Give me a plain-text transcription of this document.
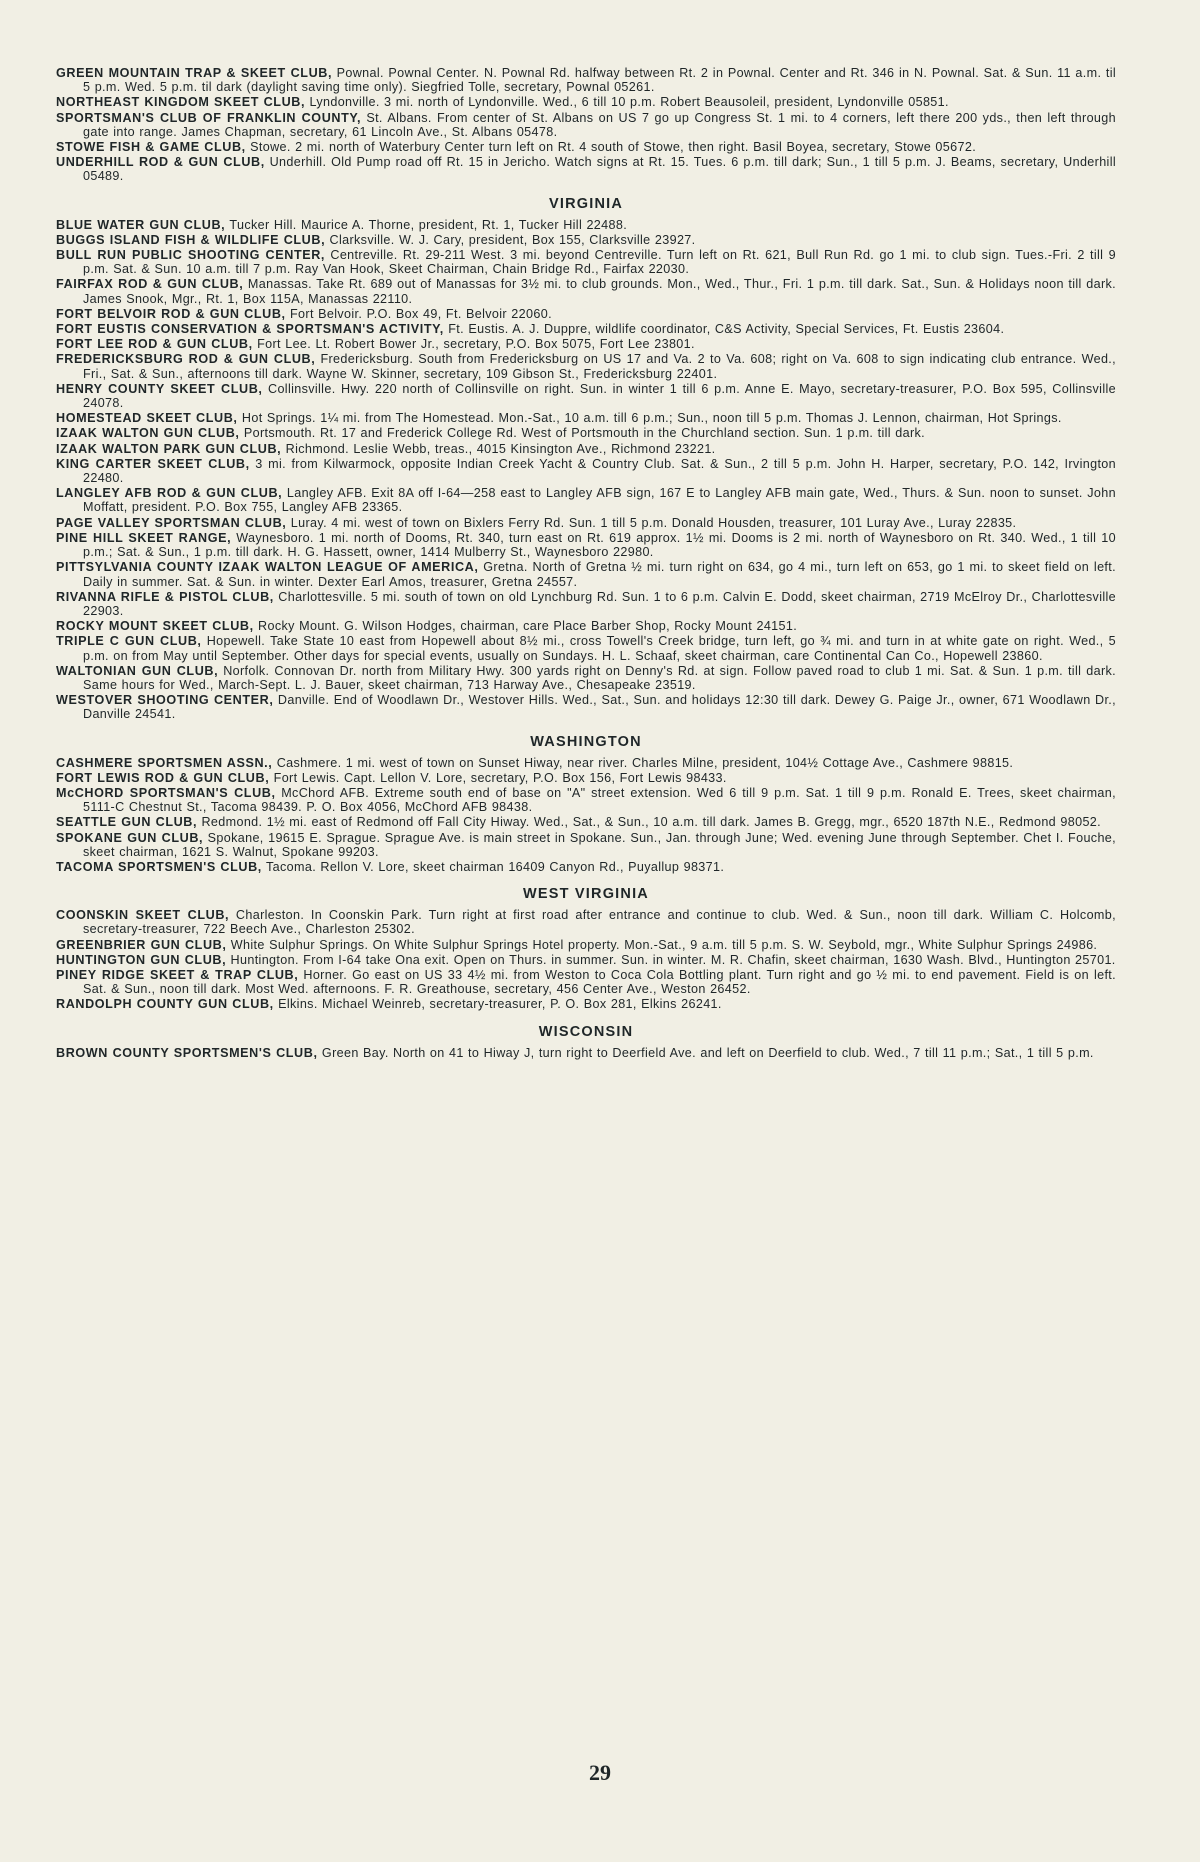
GREEN MOUNTAIN TRAP & SKEET CLUB, Pownal. Pownal Center. N. Pownal Rd. halfway between Rt. 2 in Pownal. Center and Rt. 346 in N. Pownal. Sat. & Sun. 11 a.m. til 5 p.m. Wed. 5 p.m. til dark (daylight saving time only). Siegfried Tolle, secretary, Pownal 05261.
NORTHEAST KINGDOM SKEET CLUB, Lyndonville. 3 mi. north of Lyndonville. Wed., 6 till 10 p.m. Robert Beausoleil, president, Lyndonville 05851.
SPORTSMAN'S CLUB OF FRANKLIN COUNTY, St. Albans. From center of St. Albans on US 7 go up Congress St. 1 mi. to 4 corners, left there 200 yds., then left through gate into range. James Chapman, secretary, 61 Lincoln Ave., St. Albans 05478.
STOWE FISH & GAME CLUB, Stowe. 2 mi. north of Waterbury Center turn left on Rt. 4 south of Stowe, then right. Basil Boyea, secretary, Stowe 05672.
UNDERHILL ROD & GUN CLUB, Underhill. Old Pump road off Rt. 15 in Jericho. Watch signs at Rt. 15. Tues. 6 p.m. till dark; Sun., 1 till 5 p.m. J. Beams, secretary, Underhill 05489.
VIRGINIA
BLUE WATER GUN CLUB, Tucker Hill. Maurice A. Thorne, president, Rt. 1, Tucker Hill 22488.
BUGGS ISLAND FISH & WILDLIFE CLUB, Clarksville. W. J. Cary, president, Box 155, Clarksville 23927.
BULL RUN PUBLIC SHOOTING CENTER, Centreville. Rt. 29-211 West. 3 mi. beyond Centreville. Turn left on Rt. 621, Bull Run Rd. go 1 mi. to club sign. Tues.-Fri. 2 till 9 p.m. Sat. & Sun. 10 a.m. till 7 p.m. Ray Van Hook, Skeet Chairman, Chain Bridge Rd., Fairfax 22030.
FAIRFAX ROD & GUN CLUB, Manassas. Take Rt. 689 out of Manassas for 3½ mi. to club grounds. Mon., Wed., Thur., Fri. 1 p.m. till dark. Sat., Sun. & Holidays noon till dark. James Snook, Mgr., Rt. 1, Box 115A, Manassas 22110.
FORT BELVOIR ROD & GUN CLUB, Fort Belvoir. P.O. Box 49, Ft. Belvoir 22060.
FORT EUSTIS CONSERVATION & SPORTSMAN'S ACTIVITY, Ft. Eustis. A. J. Duppre, wildlife coordinator, C&S Activity, Special Services, Ft. Eustis 23604.
FORT LEE ROD & GUN CLUB, Fort Lee. Lt. Robert Bower Jr., secretary, P.O. Box 5075, Fort Lee 23801.
FREDERICKSBURG ROD & GUN CLUB, Fredericksburg. South from Fredericksburg on US 17 and Va. 2 to Va. 608; right on Va. 608 to sign indicating club entrance. Wed., Fri., Sat. & Sun., afternoons till dark. Wayne W. Skinner, secretary, 109 Gibson St., Fredericksburg 22401.
HENRY COUNTY SKEET CLUB, Collinsville. Hwy. 220 north of Collinsville on right. Sun. in winter 1 till 6 p.m. Anne E. Mayo, secretary-treasurer, P.O. Box 595, Collinsville 24078.
HOMESTEAD SKEET CLUB, Hot Springs. 1¼ mi. from The Homestead. Mon.-Sat., 10 a.m. till 6 p.m.; Sun., noon till 5 p.m. Thomas J. Lennon, chairman, Hot Springs.
IZAAK WALTON GUN CLUB, Portsmouth. Rt. 17 and Frederick College Rd. West of Portsmouth in the Churchland section. Sun. 1 p.m. till dark.
IZAAK WALTON PARK GUN CLUB, Richmond. Leslie Webb, treas., 4015 Kinsington Ave., Richmond 23221.
KING CARTER SKEET CLUB, 3 mi. from Kilwarmock, opposite Indian Creek Yacht & Country Club. Sat. & Sun., 2 till 5 p.m. John H. Harper, secretary, P.O. 142, Irvington 22480.
LANGLEY AFB ROD & GUN CLUB, Langley AFB. Exit 8A off I-64—258 east to Langley AFB sign, 167 E to Langley AFB main gate, Wed., Thurs. & Sun. noon to sunset. John Moffatt, president. P.O. Box 755, Langley AFB 23365.
PAGE VALLEY SPORTSMAN CLUB, Luray. 4 mi. west of town on Bixlers Ferry Rd. Sun. 1 till 5 p.m. Donald Housden, treasurer, 101 Luray Ave., Luray 22835.
PINE HILL SKEET RANGE, Waynesboro. 1 mi. north of Dooms, Rt. 340, turn east on Rt. 619 approx. 1½ mi. Dooms is 2 mi. north of Waynesboro on Rt. 340. Wed., 1 till 10 p.m.; Sat. & Sun., 1 p.m. till dark. H. G. Hassett, owner, 1414 Mulberry St., Waynesboro 22980.
PITTSYLVANIA COUNTY IZAAK WALTON LEAGUE OF AMERICA, Gretna. North of Gretna ½ mi. turn right on 634, go 4 mi., turn left on 653, go 1 mi. to skeet field on left. Daily in summer. Sat. & Sun. in winter. Dexter Earl Amos, treasurer, Gretna 24557.
RIVANNA RIFLE & PISTOL CLUB, Charlottesville. 5 mi. south of town on old Lynchburg Rd. Sun. 1 to 6 p.m. Calvin E. Dodd, skeet chairman, 2719 McElroy Dr., Charlottesville 22903.
ROCKY MOUNT SKEET CLUB, Rocky Mount. G. Wilson Hodges, chairman, care Place Barber Shop, Rocky Mount 24151.
TRIPLE C GUN CLUB, Hopewell. Take State 10 east from Hopewell about 8½ mi., cross Towell's Creek bridge, turn left, go ¾ mi. and turn in at white gate on right. Wed., 5 p.m. on from May until September. Other days for special events, usually on Sundays. H. L. Schaaf, skeet chairman, care Continental Can Co., Hopewell 23860.
WALTONIAN GUN CLUB, Norfolk. Connovan Dr. north from Military Hwy. 300 yards right on Denny's Rd. at sign. Follow paved road to club 1 mi. Sat. & Sun. 1 p.m. till dark. Same hours for Wed., March-Sept. L. J. Bauer, skeet chairman, 713 Harway Ave., Chesapeake 23519.
WESTOVER SHOOTING CENTER, Danville. End of Woodlawn Dr., Westover Hills. Wed., Sat., Sun. and holidays 12:30 till dark. Dewey G. Paige Jr., owner, 671 Woodlawn Dr., Danville 24541.
WASHINGTON
CASHMERE SPORTSMEN ASSN., Cashmere. 1 mi. west of town on Sunset Hiway, near river. Charles Milne, president, 104½ Cottage Ave., Cashmere 98815.
FORT LEWIS ROD & GUN CLUB, Fort Lewis. Capt. Lellon V. Lore, secretary, P.O. Box 156, Fort Lewis 98433.
McCHORD SPORTSMAN'S CLUB, McChord AFB. Extreme south end of base on "A" street extension. Wed 6 till 9 p.m. Sat. 1 till 9 p.m. Ronald E. Trees, skeet chairman, 5111-C Chestnut St., Tacoma 98439. P. O. Box 4056, McChord AFB 98438.
SEATTLE GUN CLUB, Redmond. 1½ mi. east of Redmond off Fall City Hiway. Wed., Sat., & Sun., 10 a.m. till dark. James B. Gregg, mgr., 6520 187th N.E., Redmond 98052.
SPOKANE GUN CLUB, Spokane, 19615 E. Sprague. Sprague Ave. is main street in Spokane. Sun., Jan. through June; Wed. evening June through September. Chet I. Fouche, skeet chairman, 1621 S. Walnut, Spokane 99203.
TACOMA SPORTSMEN'S CLUB, Tacoma. Rellon V. Lore, skeet chairman 16409 Canyon Rd., Puyallup 98371.
WEST VIRGINIA
COONSKIN SKEET CLUB, Charleston. In Coonskin Park. Turn right at first road after entrance and continue to club. Wed. & Sun., noon till dark. William C. Holcomb, secretary-treasurer, 722 Beech Ave., Charleston 25302.
GREENBRIER GUN CLUB, White Sulphur Springs. On White Sulphur Springs Hotel property. Mon.-Sat., 9 a.m. till 5 p.m. S. W. Seybold, mgr., White Sulphur Springs 24986.
HUNTINGTON GUN CLUB, Huntington. From I-64 take Ona exit. Open on Thurs. in summer. Sun. in winter. M. R. Chafin, skeet chairman, 1630 Wash. Blvd., Huntington 25701.
PINEY RIDGE SKEET & TRAP CLUB, Horner. Go east on US 33 4½ mi. from Weston to Coca Cola Bottling plant. Turn right and go ½ mi. to end pavement. Field is on left. Sat. & Sun., noon till dark. Most Wed. afternoons. F. R. Greathouse, secretary, 456 Center Ave., Weston 26452.
RANDOLPH COUNTY GUN CLUB, Elkins. Michael Weinreb, secretary-treasurer, P. O. Box 281, Elkins 26241.
WISCONSIN
BROWN COUNTY SPORTSMEN'S CLUB, Green Bay. North on 41 to Hiway J, turn right to Deerfield Ave. and left on Deerfield to club. Wed., 7 till 11 p.m.; Sat., 1 till 5 p.m.
29
